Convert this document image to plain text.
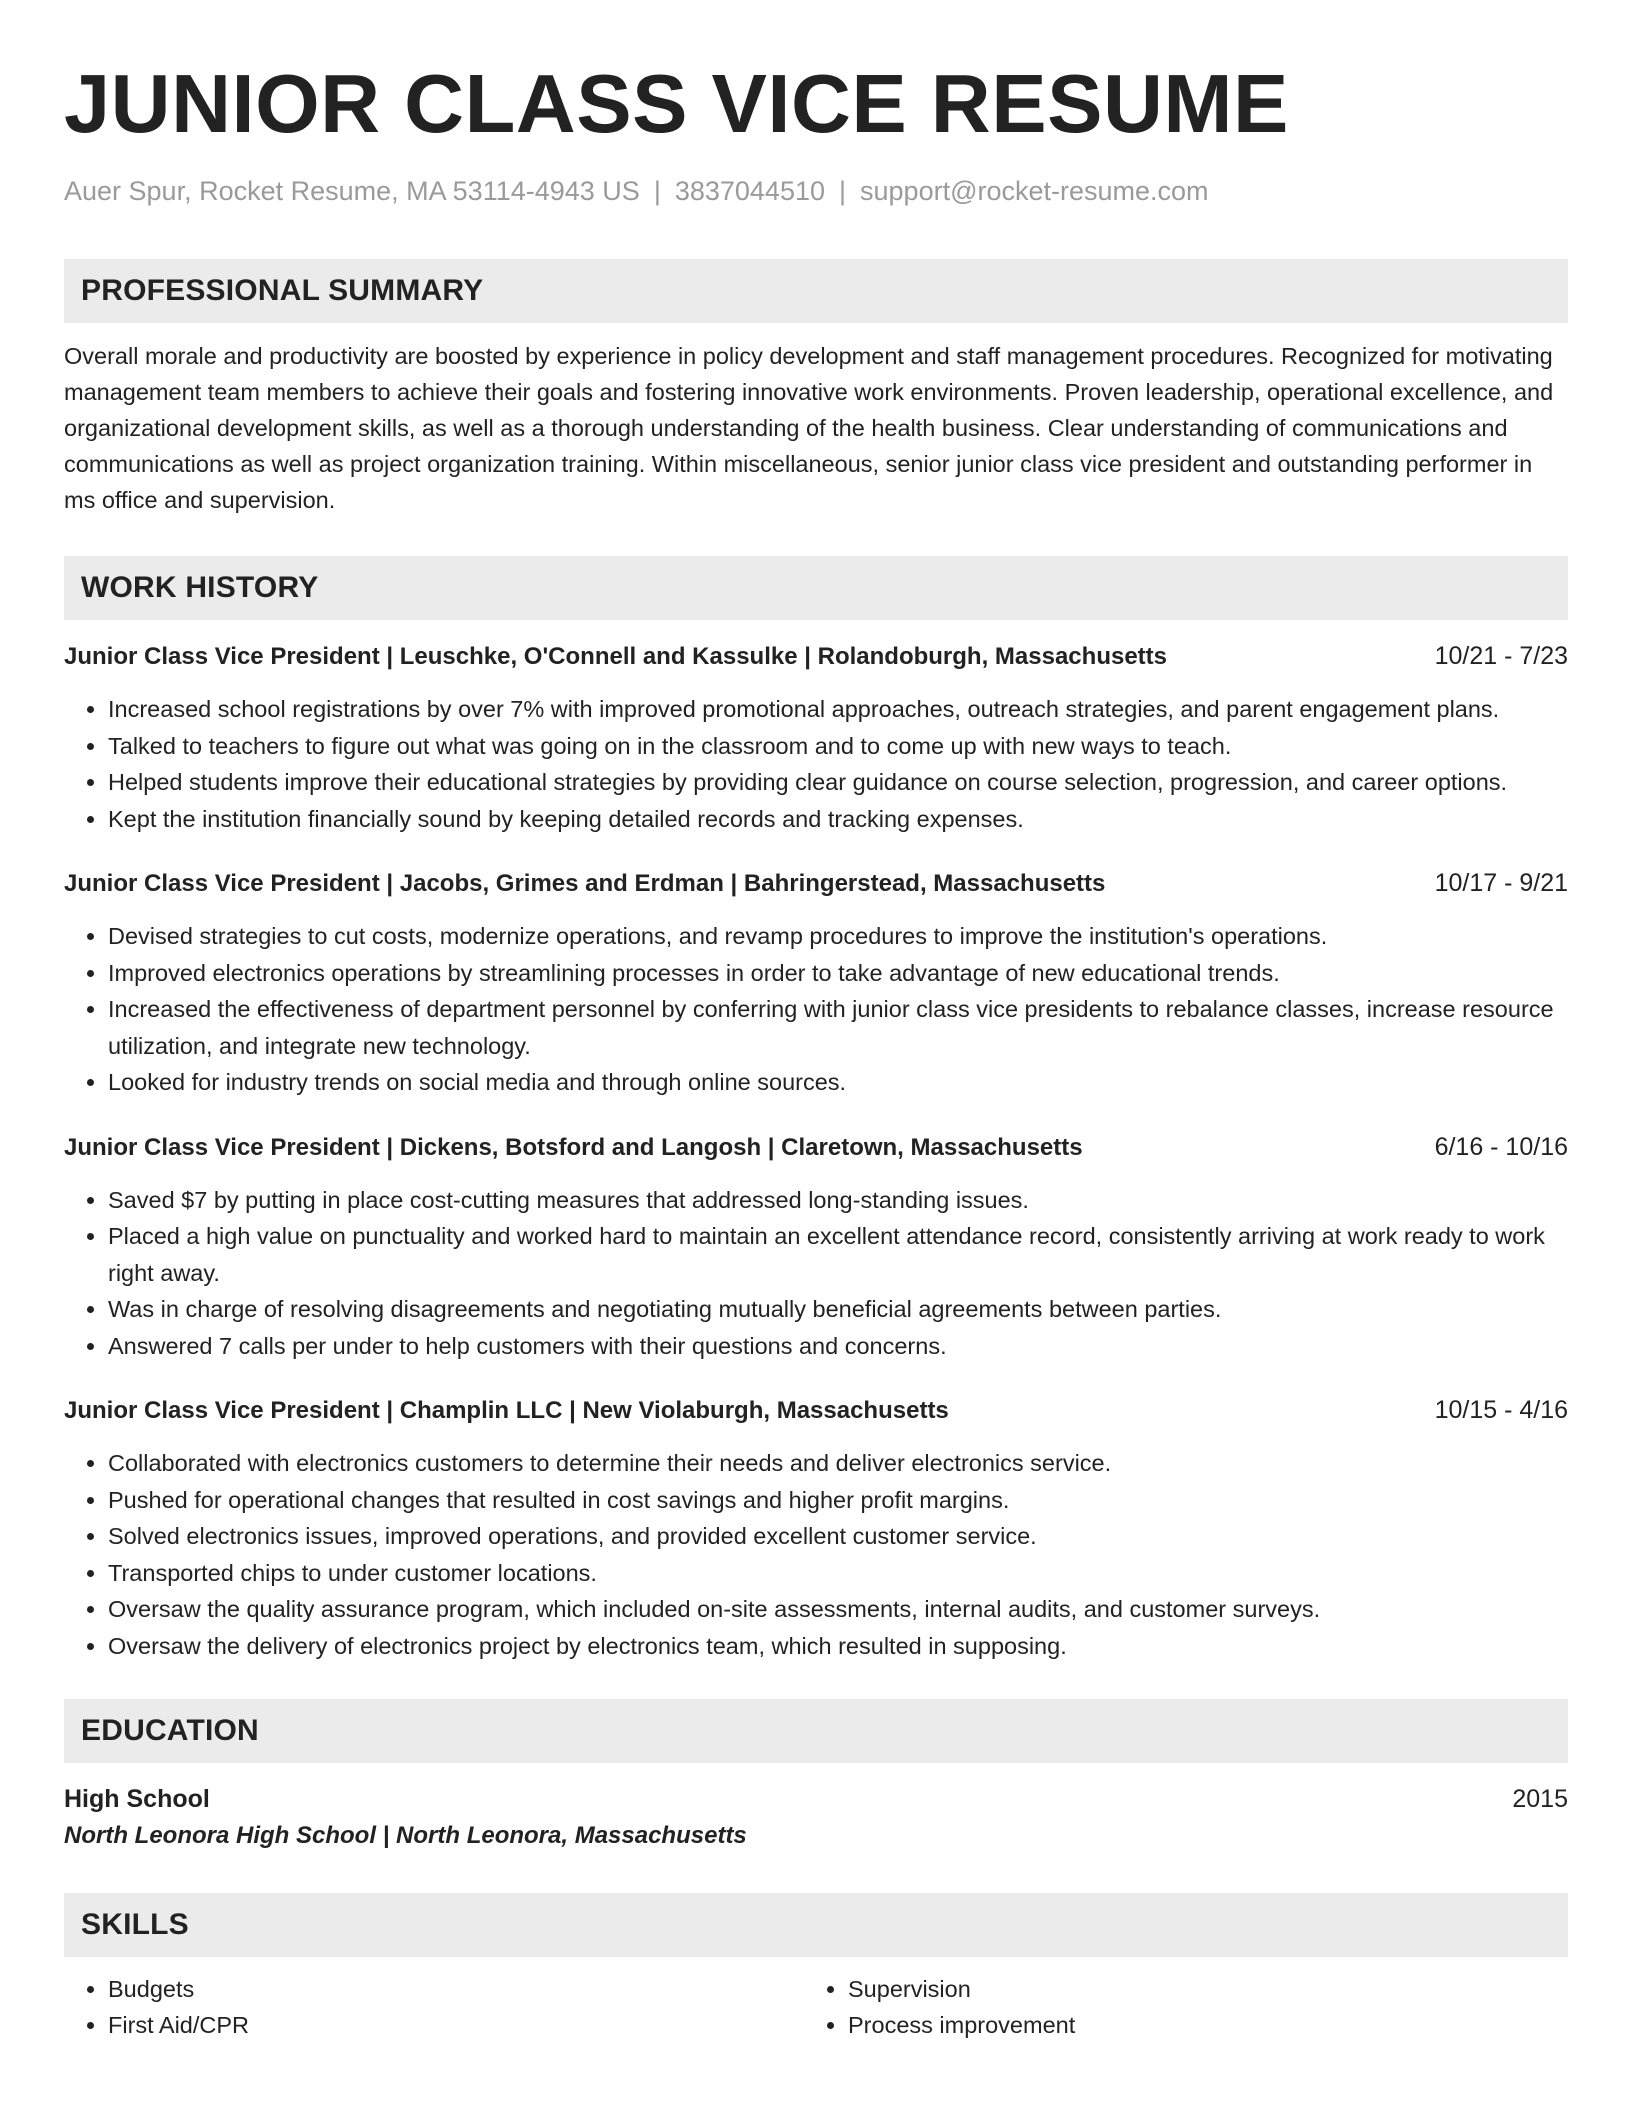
JUNIOR CLASS VICE RESUME
Auer Spur, Rocket Resume, MA 53114-4943 US | 3837044510 | support@rocket-resume.com
PROFESSIONAL SUMMARY
Overall morale and productivity are boosted by experience in policy development and staff management procedures. Recognized for motivating management team members to achieve their goals and fostering innovative work environments. Proven leadership, operational excellence, and organizational development skills, as well as a thorough understanding of the health business. Clear understanding of communications and communications as well as project organization training. Within miscellaneous, senior junior class vice president and outstanding performer in ms office and supervision.
WORK HISTORY
Junior Class Vice President | Leuschke, O'Connell and Kassulke | Rolandoburgh, Massachusetts	10/21 - 7/23
• Increased school registrations by over 7% with improved promotional approaches, outreach strategies, and parent engagement plans.
• Talked to teachers to figure out what was going on in the classroom and to come up with new ways to teach.
• Helped students improve their educational strategies by providing clear guidance on course selection, progression, and career options.
• Kept the institution financially sound by keeping detailed records and tracking expenses.
Junior Class Vice President | Jacobs, Grimes and Erdman | Bahringerstead, Massachusetts	10/17 - 9/21
• Devised strategies to cut costs, modernize operations, and revamp procedures to improve the institution's operations.
• Improved electronics operations by streamlining processes in order to take advantage of new educational trends.
• Increased the effectiveness of department personnel by conferring with junior class vice presidents to rebalance classes, increase resource utilization, and integrate new technology.
• Looked for industry trends on social media and through online sources.
Junior Class Vice President | Dickens, Botsford and Langosh | Claretown, Massachusetts	6/16 - 10/16
• Saved $7 by putting in place cost-cutting measures that addressed long-standing issues.
• Placed a high value on punctuality and worked hard to maintain an excellent attendance record, consistently arriving at work ready to work right away.
• Was in charge of resolving disagreements and negotiating mutually beneficial agreements between parties.
• Answered 7 calls per under to help customers with their questions and concerns.
Junior Class Vice President | Champlin LLC | New Violaburgh, Massachusetts	10/15 - 4/16
• Collaborated with electronics customers to determine their needs and deliver electronics service.
• Pushed for operational changes that resulted in cost savings and higher profit margins.
• Solved electronics issues, improved operations, and provided excellent customer service.
• Transported chips to under customer locations.
• Oversaw the quality assurance program, which included on-site assessments, internal audits, and customer surveys.
• Oversaw the delivery of electronics project by electronics team, which resulted in supposing.
EDUCATION
High School	2015
North Leonora High School | North Leonora, Massachusetts
SKILLS
• Budgets
• First Aid/CPR
• Supervision
• Process improvement
